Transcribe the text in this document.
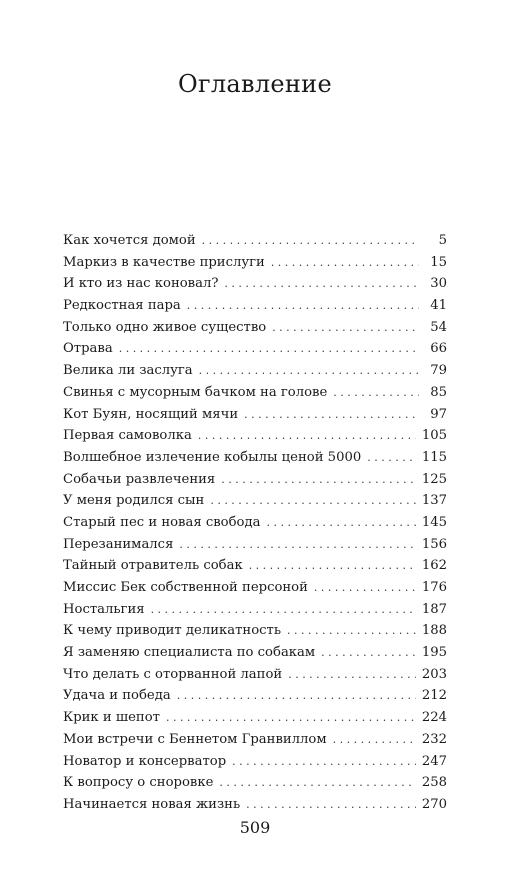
Оглавление
Как хочется домой . . .	5
Маркиз в качестве прислуги . . .	15
И кто из нас коновал? . . .	30
Редкостная пара . . .	41
Только одно живое существо . . .	54
Отрава . . .	66
Велика ли заслуга . . .	79
Свинья с мусорным бачком на голове . . .	85
Кот Буян, носящий мячи . . .	97
Первая самоволка . . .	105
Волшебное излечение кобылы ценой 5000 . . .	115
Собачьи развлечения . . .	125
У меня родился сын . . .	137
Старый пес и новая свобода . . .	145
Перезанимался . . .	156
Тайный отравитель собак . . .	162
Миссис Бек собственной персоной . . .	176
Ностальгия . . .	187
К чему приводит деликатность . . .	188
Я заменяю специалиста по собакам . . .	195
Что делать с оторванной лапой . . .	203
Удача и победа . . .	212
Крик и шепот . . .	224
Мои встречи с Беннетом Гранвиллом . . .	232
Новатор и консерватор . . .	247
К вопросу о сноровке . . .	258
Начинается новая жизнь . . .	270
509
